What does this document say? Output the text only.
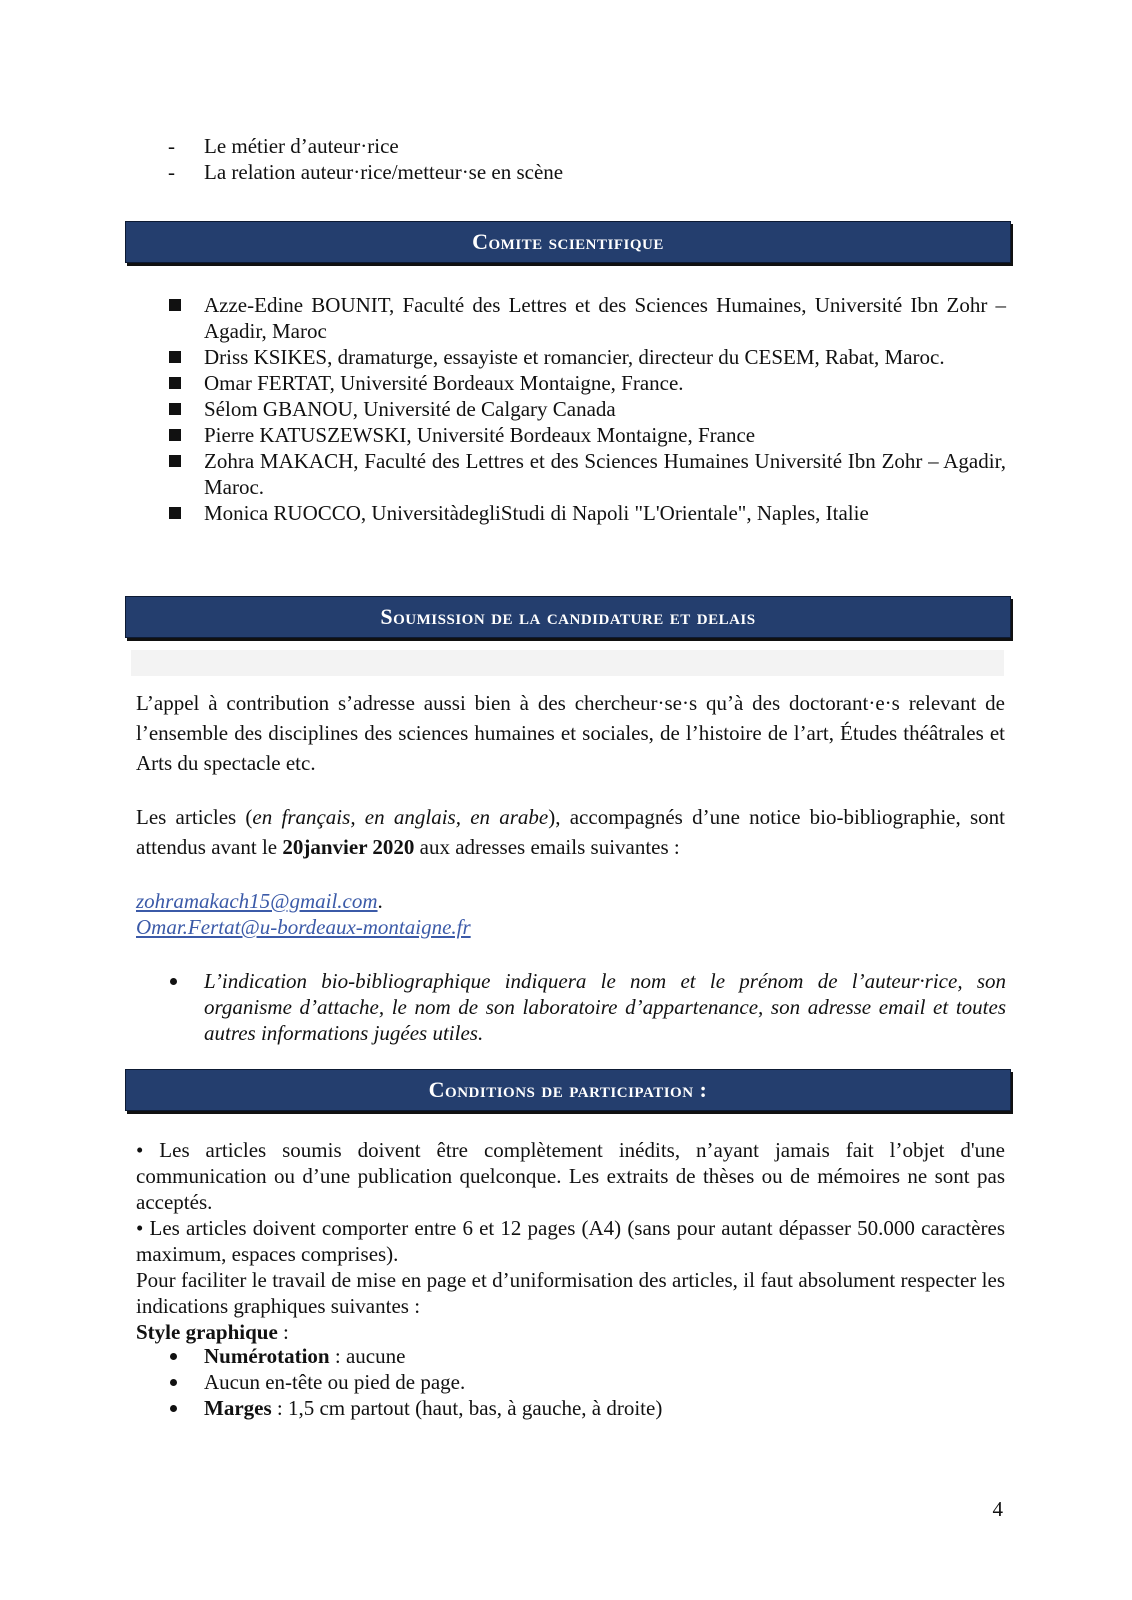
-	Le métier d’auteur·rice
-	La relation auteur·rice/metteur·se en scène
Comite scientifique
Azze-Edine BOUNIT, Faculté des Lettres et des Sciences Humaines, Université Ibn Zohr – Agadir, Maroc
Driss KSIKES, dramaturge, essayiste et romancier, directeur du CESEM, Rabat, Maroc.
Omar FERTAT, Université Bordeaux Montaigne, France.
Sélom GBANOU, Université de Calgary Canada
Pierre KATUSZEWSKI, Université Bordeaux Montaigne, France
Zohra MAKACH, Faculté des Lettres et des Sciences Humaines Université Ibn Zohr – Agadir, Maroc.
Monica RUOCCO, UniversitàdegliStudi di Napoli "L'Orientale", Naples, Italie
Soumission de la candidature et delais
L’appel à contribution s’adresse aussi bien à des chercheur·se·s qu’à des doctorant·e·s relevant de l’ensemble des disciplines des sciences humaines et sociales, de l’histoire de l’art, Études théâtrales et Arts du spectacle etc.
Les articles (en français, en anglais, en arabe), accompagnés d’une notice bio-bibliographie, sont attendus avant le 20janvier 2020 aux adresses emails suivantes :
zohramakach15@gmail.com.
Omar.Fertat@u-bordeaux-montaigne.fr
L’indication bio-bibliographique indiquera le nom et le prénom de l’auteur·rice, son organisme d’attache, le nom de son laboratoire d’appartenance, son adresse email et toutes autres informations jugées utiles.
Conditions de participation :
• Les articles soumis doivent être complètement inédits, n’ayant jamais fait l’objet d'une communication ou d’une publication quelconque. Les extraits de thèses ou de mémoires ne sont pas acceptés.
• Les articles doivent comporter entre 6 et 12 pages (A4) (sans pour autant dépasser 50.000 caractères maximum, espaces comprises).
Pour faciliter le travail de mise en page et d’uniformisation des articles, il faut absolument respecter les indications graphiques suivantes :
Style graphique :
Numérotation : aucune
Aucun en-tête ou pied de page.
Marges : 1,5 cm partout (haut, bas, à gauche, à droite)
4
